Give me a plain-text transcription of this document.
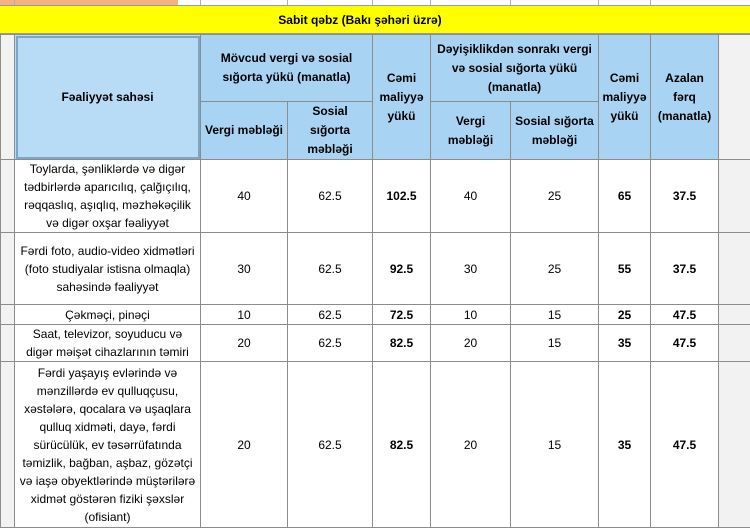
Sabit qəbz (Bakı şəhəri üzrə)
	Fəaliyyət sahəsi	Mövcud vergi və sosial sığorta yükü (manatla)		Cəmi maliyyə yükü	Dəyişiklikdən sonrakı vergi və sosial sığorta yükü (manatla)		Cəmi maliyyə yükü	Azalan fərq (manatla)	
		Vergi məbləği	Sosial sığorta məbləği		Vergi məbləği	Sosial sığorta məbləği			
	Toylarda, şənliklərdə və digər tədbirlərdə aparıcılıq, çalğıçılıq, rəqqaslıq, aşıqlıq, məzhəkəçilik və digər oxşar fəaliyyət	40	62.5	102.5	40	25	65	37.5	
	Fərdi foto, audio-video xidmətləri (foto studiyalar istisna olmaqla) sahəsində fəaliyyət	30	62.5	92.5	30	25	55	37.5	
	Çəkməçi, pinəçi	10	62.5	72.5	10	15	25	47.5	
	Saat, televizor, soyuducu və digər məişət cihazlarının təmiri	20	62.5	82.5	20	15	35	47.5	
	Fərdi yaşayış evlərində və mənzillərdə ev qulluqçusu, xəstələrə, qocalara və uşaqlara qulluq xidməti, dayə, fərdi sürücülük, ev təsərrüfatında təmizlik, bağban, aşbaz, gözətçi və iaşə obyektlərində müştərilərə xidmət göstərən fiziki şəxslər (ofisiant)	20	62.5	82.5	20	15	35	47.5	
